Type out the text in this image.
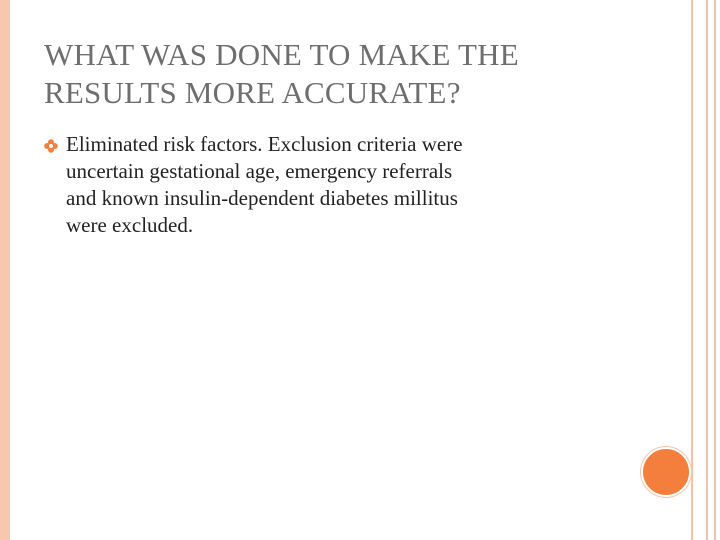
WHAT WAS DONE TO MAKE THE
RESULTS MORE ACCURATE?
Eliminated risk factors. Exclusion criteria were
uncertain gestational age, emergency referrals
and known insulin-dependent diabetes millitus
were excluded.
